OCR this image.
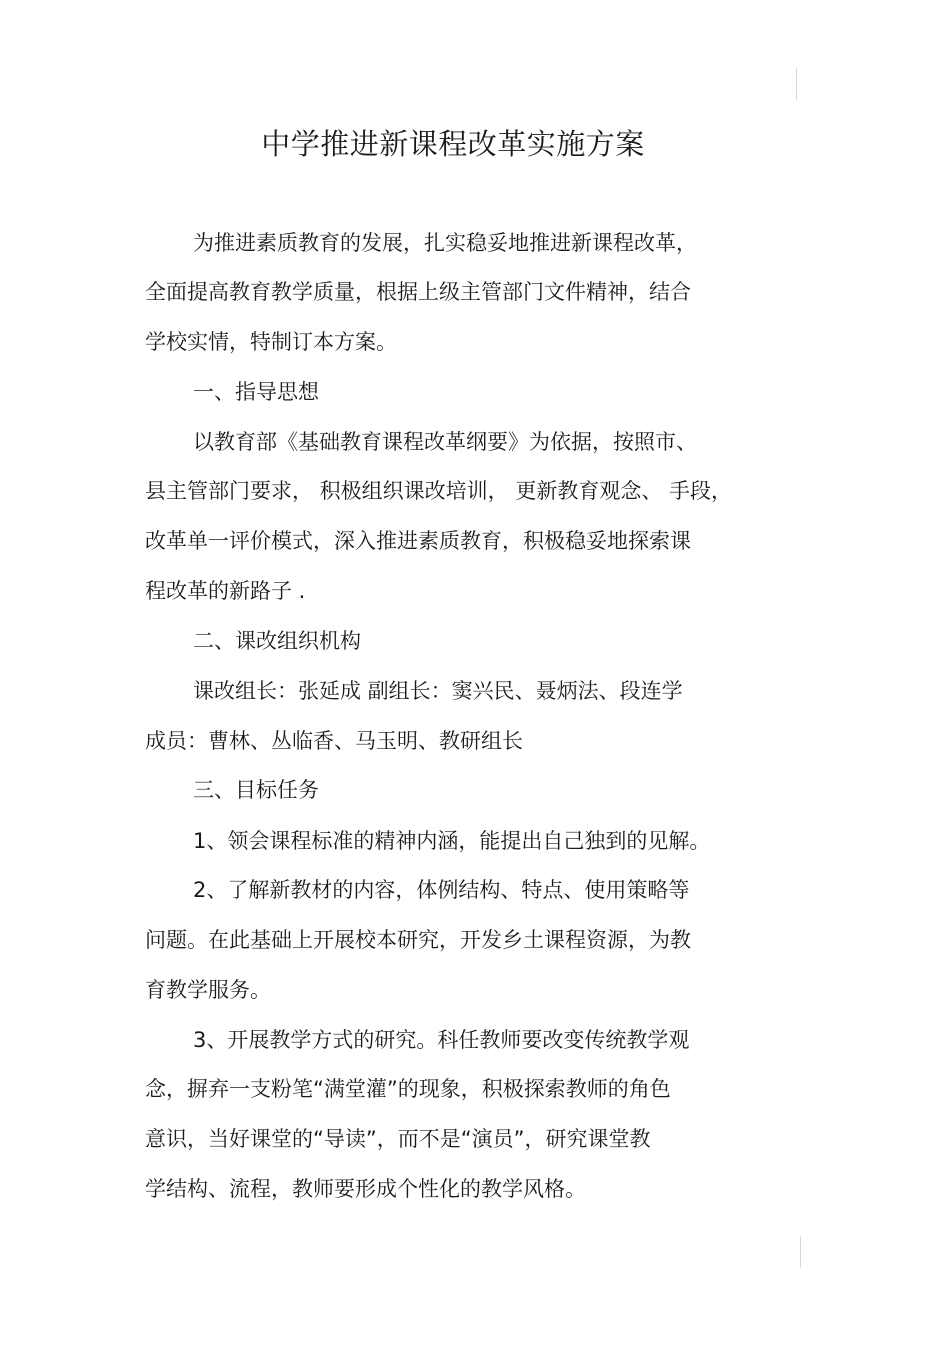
中学推进新课程改革实施方案
为推进素质教育的发展，扎实稳妥地推进新课程改革，
全面提高教育教学质量，根据上级主管部门文件精神，结合
学校实情，特制订本方案。
一、指导思想
以教育部《基础教育课程改革纲要》为依据，按照市、
县主管部门要求， 积极组织课改培训， 更新教育观念、 手段，
改革单一评价模式，深入推进素质教育，积极稳妥地探索课
程改革的新路子 .
二、课改组织机构
课改组长：张延成 副组长：窦兴民、聂炳法、段连学
成员：曹林、丛临香、马玉明、教研组长
三、目标任务
1、领会课程标准的精神内涵，能提出自己独到的见解。
2、了解新教材的内容，体例结构、特点、使用策略等
问题。在此基础上开展校本研究，开发乡土课程资源，为教
育教学服务。
3、开展教学方式的研究。科任教师要改变传统教学观
念，摒弃一支粉笔“满堂灌”的现象，积极探索教师的角色
意识，当好课堂的“导读”，而不是“演员”，研究课堂教
学结构、流程，教师要形成个性化的教学风格。
